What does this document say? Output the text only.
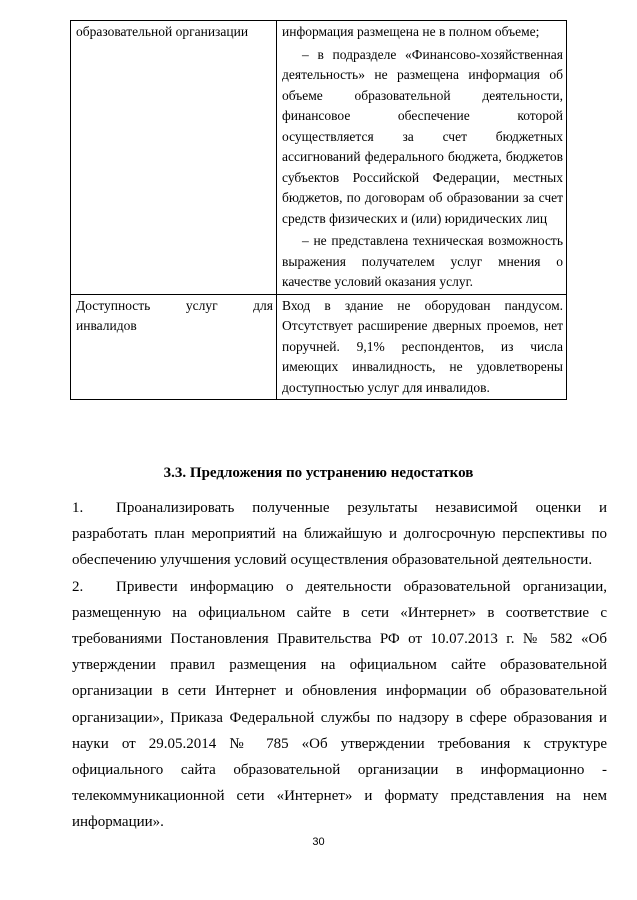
образовательной организации	информация размещена не в полном объеме;

– в подразделе «Финансово-хозяйственная деятельность» не размещена информация об объеме образовательной деятельности, финансовое обеспечение которой осуществляется за счет бюджетных ассигнований федерального бюджета, бюджетов субъектов Российской Федерации, местных бюджетов, по договорам об образовании за счет средств физических и (или) юридических лиц

– не представлена техническая возможность выражения получателем услуг мнения о качестве условий оказания услуг.

Доступность услуг для
инвалидов	Вход в здание не оборудован пандусом. Отсутствует расширение дверных проемов, нет поручней. 9,1% респондентов, из числа имеющих инвалидность, не удовлетворены доступностью услуг для инвалидов.

3.3. Предложения по устранению недостатков

1. Проанализировать полученные результаты независимой оценки и разработать план мероприятий на ближайшую и долгосрочную перспективы по обеспечению улучшения условий осуществления образовательной деятельности.

2. Привести информацию о деятельности образовательной организации, размещенную на официальном сайте в сети «Интернет» в соответствие с требованиями Постановления Правительства РФ от 10.07.2013 г. № 582 «Об утверждении правил размещения на официальном сайте образовательной организации в сети Интернет и обновления информации об образовательной организации», Приказа Федеральной службы по надзору в сфере образования и науки от 29.05.2014 № 785 «Об утверждении требования к структуре официального сайта образовательной организации в информационно - телекоммуникационной сети «Интернет» и формату представления на нем информации».

30
